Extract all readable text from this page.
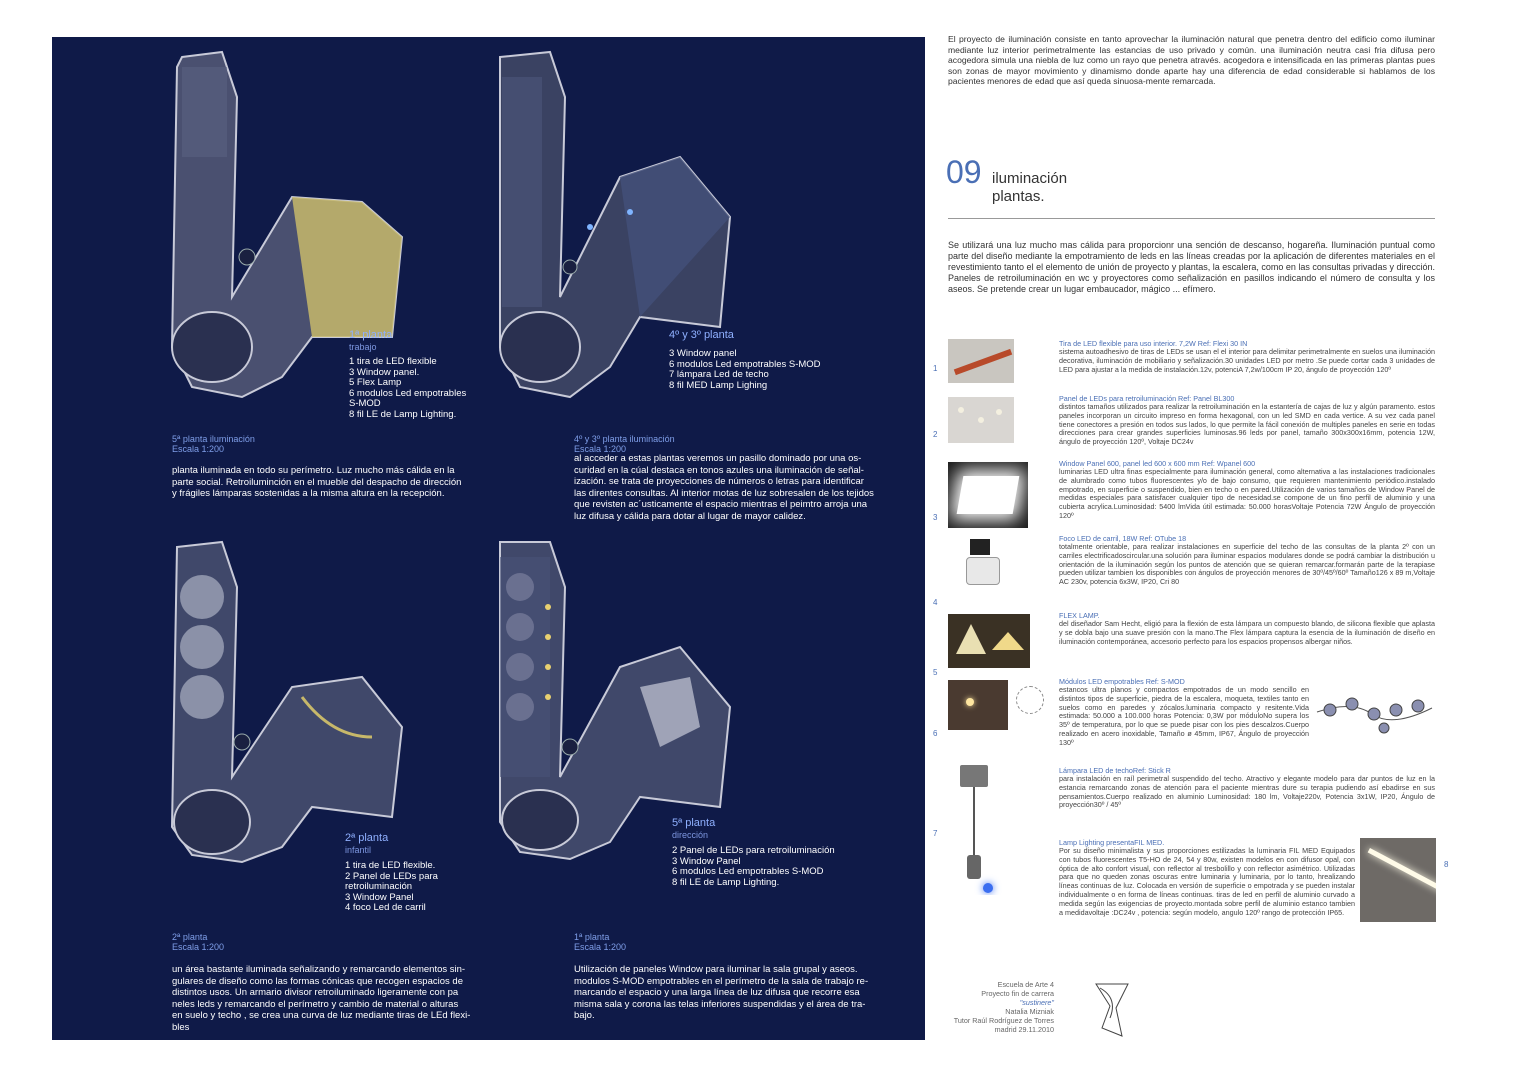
1ª planta
trabajo
1 tira de LED flexible
3 Window panel.
5 Flex Lamp
6 modulos Led empotrables
S-MOD
8 fil LE de Lamp Lighting.
5ª planta iluminación
Escala 1:200
planta iluminada en todo su perímetro. Luz mucho más cálida en la
parte social. Retroiluminción en el mueble del despacho de dirección
y frágiles lámparas sostenidas a la misma altura en la recepción.
4º y 3º planta
3 Window panel
6 modulos Led empotrables S-MOD
7 lámpara Led de techo
8 fil MED Lamp Lighing
4º y 3º planta iluminación
Escala 1:200
al acceder a estas plantas veremos un pasillo dominado por una os-
curidad en la cúal destaca en tonos azules una iluminación de señal-
ización. se trata de proyecciones de números o letras para identificar
las direntes consultas. Al interior motas de luz sobresalen de los tejidos
que revisten ac´usticamente el espacio mientras el peimtro arroja una
luz difusa y cálida para dotar al lugar de mayor calidez.
2ª planta
infantil
1 tira de LED flexible.
2 Panel de LEDs para
retroiluminación
3 Window Panel
4 foco Led de carril
2ª planta
Escala 1:200
un área bastante iluminada señalizando y remarcando elementos sin-
gulares de diseño como las formas cónicas que recogen espacios de
distintos usos. Un armario divisor retroiluminado ligeramente con pa
neles leds y remarcando el perímetro y cambio de material o alturas
en suelo y techo , se crea una curva de luz mediante tiras de LEd flexi-
bles
5ª planta
dirección
2 Panel de LEDs para retroiluminación
3 Window Panel
6 modulos Led empotrables S-MOD
8 fil LE de Lamp Lighting.
1ª planta
Escala 1:200
Utilización de paneles Window para iluminar la sala grupal y aseos.
modulos S-MOD empotrables en el perímetro de la sala de trabajo re-
marcando el espacio y una larga línea de luz difusa que recorre esa
misma sala y corona las telas inferiores suspendidas y el área de tra-
bajo.
El proyecto de iluminación consiste en tanto aprovechar la iluminación natural que penetra dentro del edificio como iluminar mediante luz interior perimetralmente las estancias de uso privado y común. una iluminación neutra casi fria difusa pero acogedora simula una niebla de luz como un rayo que penetra através. acogedora e intensificada en las primeras plantas pues son zonas de mayor movimiento y dinamismo donde aparte hay una diferencia de edad considerable si hablamos de los pacientes menores de edad que así queda sinuosa-mente remarcada.
09 iluminación
plantas.
Se utilizará una luz mucho mas cálida para proporcionr una sención de descanso, hogareña. Iluminación puntual como parte del diseño mediante la empotramiento de leds en las líneas creadas por la aplicación de diferentes materiales en el revestimiento tanto el el elemento de unión de proyecto y plantas, la escalera, como en las consultas privadas y dirección. Paneles de retroiluminación en wc y proyectores como señalización en pasillos indicando el número de consulta y los aseos. Se pretende crear un lugar embaucador, mágico ... efímero.
1
Tira de LED flexible para uso interior. 7,2W Ref: Flexi 30 IN
sistema autoadhesivo de tiras de LEDs se usan el el interior para delimitar perimetralmente en suelos una iluminación decorativa, iluminación de mobiliario y señalización.30 unidades LED por metro .Se puede cortar cada 3 unidades de LED para ajustar a la medida de instalación.12v, potenciA 7,2w/100cm IP 20, ángulo de proyección 120º
2
Panel de LEDs para retroiluminación Ref: Panel BL300
distintos tamaños utilizados para realizar la retroiluminación en la estantería de cajas de luz y algún paramento. estos paneles incorporan un circuito impreso en forma hexagonal, con un led SMD en cada vertice. A su vez cada panel tiene conectores a presión en todos sus lados, lo que permite la fácil conexión de multiples paneles en serie en todas direcciones para crear grandes superficies luminosas.96 leds por panel, tamaño 300x300x16mm, potencia 12W, ángulo de proyección 120º, Voltaje DC24v
3
Window Panel 600, panel led 600 x 600 mm Ref: Wpanel 600
luminarias LED ultra finas especialmente para iluminación general, como alternativa a las instalaciones tradicionales de alumbrado como tubos fluorescentes y/o de bajo consumo, que requieren mantenimiento periódico.instalado empotrado, en superficie o suspendido, bien en techo o en pared.Utilización de varios tamaños de Window Panel de medidas especiales para satisfacer cualquier tipo de necesidad.se compone de un fino perfil de aluminio y una cubierta acrylica.Luminosidad: 5400 lmVida útil estimada: 50.000 horasVoltaje Potencia 72W Ángulo de proyección 120º
4
Foco LED de carril, 18W Ref: OTube 18
totalmente orientable, para realizar instalaciones en superficie del techo de las consultas de la planta 2º con un carriles electrificadoscircular.una solución para iluminar espacios modulares donde se podrá cambiar la distribución u orientación de la iluminación según los puntos de atención que se quieran remarcar.formarán parte de la terapiase pueden utilizar tambien los disponibles con ángulos de proyección menores de 30º/45º/60º Tamaño126 x 89 m,Voltaje AC 230v, potencia 6x3W, IP20, Cri 80
5
FLEX LAMP.
del diseñador Sam Hecht, eligió para la flexión de esta lámpara un compuesto blando, de silicona flexible que aplasta y se dobla bajo una suave presión con la mano.The Flex lámpara captura la esencia de la iluminación de diseño en iluminación contemporánea, accesorio perfecto para los espacios propensos albergar niños.
6
Módulos LED empotrables Ref: S-MOD
estancos ultra planos y compactos empotrados de un modo sencillo en distintos tipos de superficie, piedra de la escalera, moqueta, textiles tanto en suelos como en paredes y zócalos.luminaria compacto y resitente.Vida estimada: 50.000 a 100.000 horas Potencia: 0,3W por móduloNo supera los 35º de temperatura, por lo que se puede pisar con los pies descalzos.Cuerpo realizado en acero inoxidable, Tamaño ø 45mm, IP67, Ángulo de proyección 130º
7
Lámpara LED de techoRef: Stick R
para instalación en raíl perimetral suspendido del techo. Atractivo y elegante modelo para dar puntos de luz en la estancia remarcando zonas de atención para el paciente mientras dure su terapia pudiendo así ebadirse en sus pensamientos.Cuerpo realizado en aluminio Luminosidad: 180 lm, Voltaje220v, Potencia 3x1W, IP20, Ángulo de proyección30º / 45º
8
Lamp Lighting presentaFIL MED.
Por su diseño minimalista y sus proporciones estilizadas la luminaria FIL MED Equipados con tubos fluorescentes T5-HO de 24, 54 y 80w, existen modelos en con difusor opal, con óptica de alto confort visual, con reflector al tresbolillo y con reflector asimétrico. Utilizadas para que no queden zonas oscuras entre luminaria y luminaria, por lo tanto, hrealizando líneas continuas de luz. Colocada en versión de superficie o empotrada y se pueden instalar individualmente o en forma de líneas continuas. tiras de led en perfil de aluminio curvado a medida según las exigencias de proyecto.montada sobre perfil de aluminio estanco tambien a medidavoltaje :DC24v , potencia: según modelo, angulo 120º rango de protección IP65.
Escuela de Arte 4
Proyecto fin de carrera
"sustinere"
Natalia Mizniak
Tutor Raúl Rodríguez de Torres
madrid 29.11.2010
